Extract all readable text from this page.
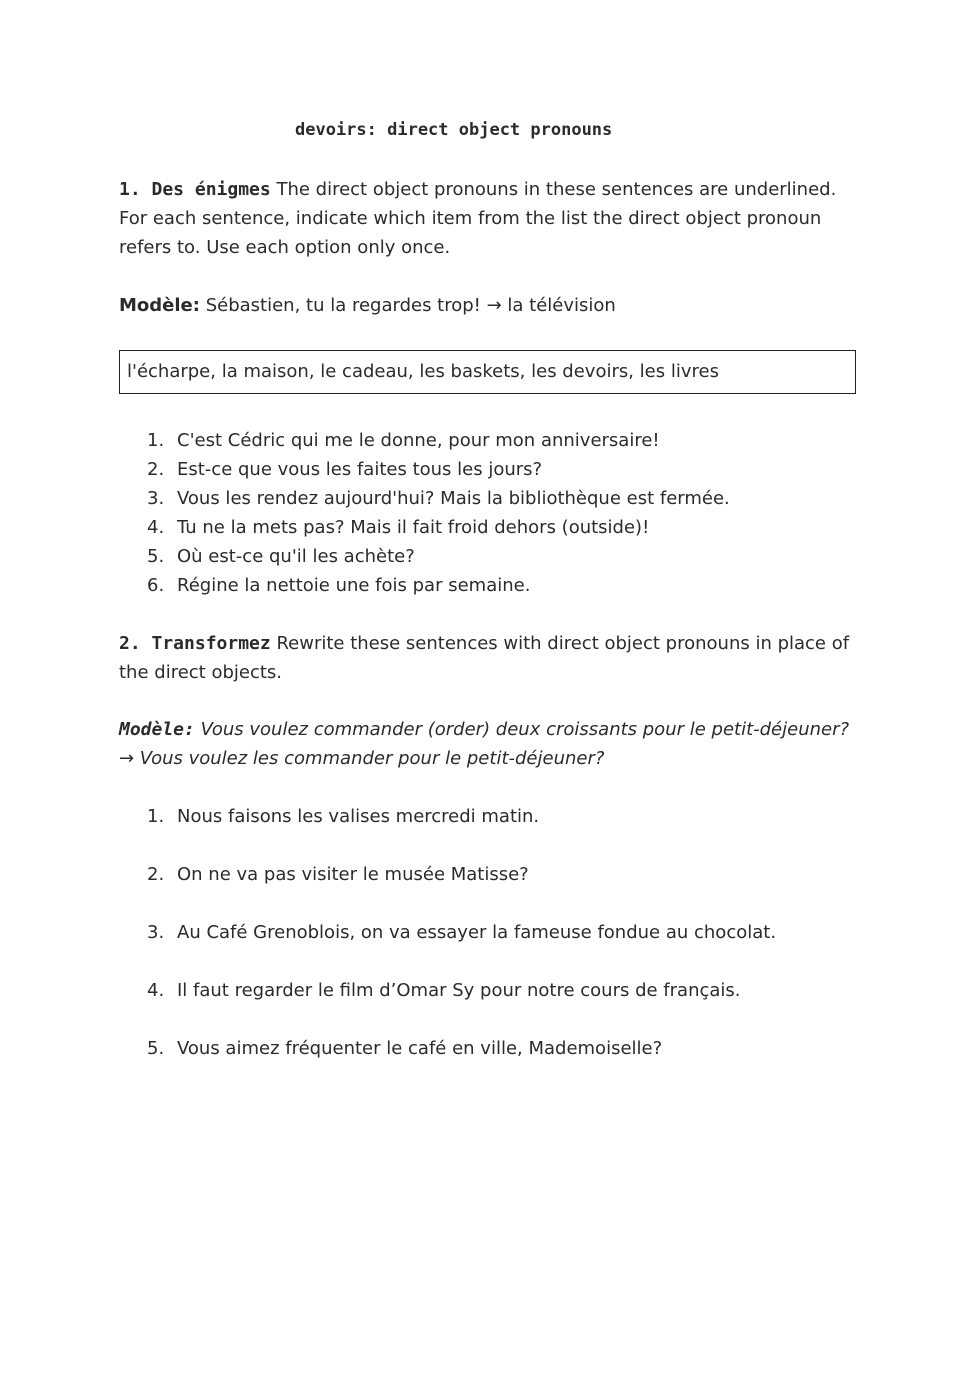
devoirs: direct object pronouns
1. Des énigmes The direct object pronouns in these sentences are underlined. For each sentence, indicate which item from the list the direct object pronoun refers to. Use each option only once.
Modèle: Sébastien, tu la regardes trop! → la télévision
l'écharpe, la maison, le cadeau, les baskets, les devoirs, les livres
1. C'est Cédric qui me le donne, pour mon anniversaire!
2. Est-ce que vous les faites tous les jours?
3. Vous les rendez aujourd'hui? Mais la bibliothèque est fermée.
4. Tu ne la mets pas? Mais il fait froid dehors (outside)!
5. Où est-ce qu'il les achète?
6. Régine la nettoie une fois par semaine.
2. Transformez Rewrite these sentences with direct object pronouns in place of the direct objects.
Modèle: Vous voulez commander (order) deux croissants pour le petit-déjeuner? → Vous voulez les commander pour le petit-déjeuner?
1. Nous faisons les valises mercredi matin.
2. On ne va pas visiter le musée Matisse?
3. Au Café Grenoblois, on va essayer la fameuse fondue au chocolat.
4. Il faut regarder le film d’Omar Sy pour notre cours de français.
5. Vous aimez fréquenter le café en ville, Mademoiselle?
